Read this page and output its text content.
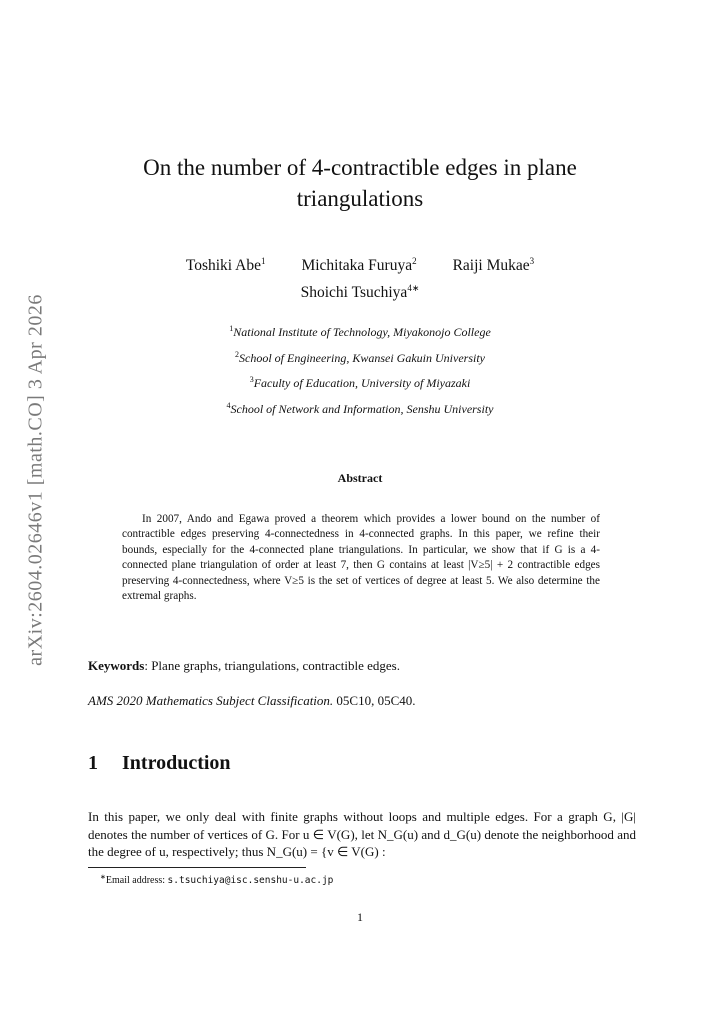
arXiv:2604.02646v1 [math.CO] 3 Apr 2026
On the number of 4-contractible edges in plane triangulations
Toshiki Abe$^1$ Michitaka Furuya$^2$ Raiji Mukae$^3$
Shoichi Tsuchiya$^{4∗}$
$^1$National Institute of Technology, Miyakonojo College
$^2$School of Engineering, Kwansei Gakuin University
$^3$Faculty of Education, University of Miyazaki
$^4$School of Network and Information, Senshu University
Abstract
In 2007, Ando and Egawa proved a theorem which provides a lower bound on the number of contractible edges preserving 4-connectedness in 4-connected graphs. In this paper, we refine their bounds, especially for the 4-connected plane triangulations. In particular, we show that if G is a 4-connected plane triangulation of order at least 7, then G contains at least |V≥5| + 2 contractible edges preserving 4-connectedness, where V≥5 is the set of vertices of degree at least 5. We also determine the extremal graphs.
Keywords: Plane graphs, triangulations, contractible edges.
AMS 2020 Mathematics Subject Classification. 05C10, 05C40.
1 Introduction
In this paper, we only deal with finite graphs without loops and multiple edges. For a graph G, |G| denotes the number of vertices of G. For u ∈ V(G), let N_G(u) and d_G(u) denote the neighborhood and the degree of u, respectively; thus N_G(u) = {v ∈ V(G) :
∗Email address: s.tsuchiya@isc.senshu-u.ac.jp
1
